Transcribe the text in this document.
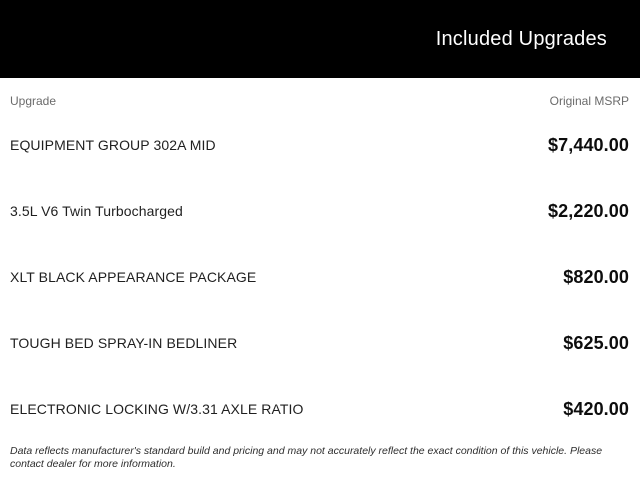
Included Upgrades
Upgrade	Original MSRP
EQUIPMENT GROUP 302A MID	$7,440.00
3.5L V6 Twin Turbocharged	$2,220.00
XLT BLACK APPEARANCE PACKAGE	$820.00
TOUGH BED SPRAY-IN BEDLINER	$625.00
ELECTRONIC LOCKING W/3.31 AXLE RATIO	$420.00
Data reflects manufacturer's standard build and pricing and may not accurately reflect the exact condition of this vehicle. Please contact dealer for more information.
